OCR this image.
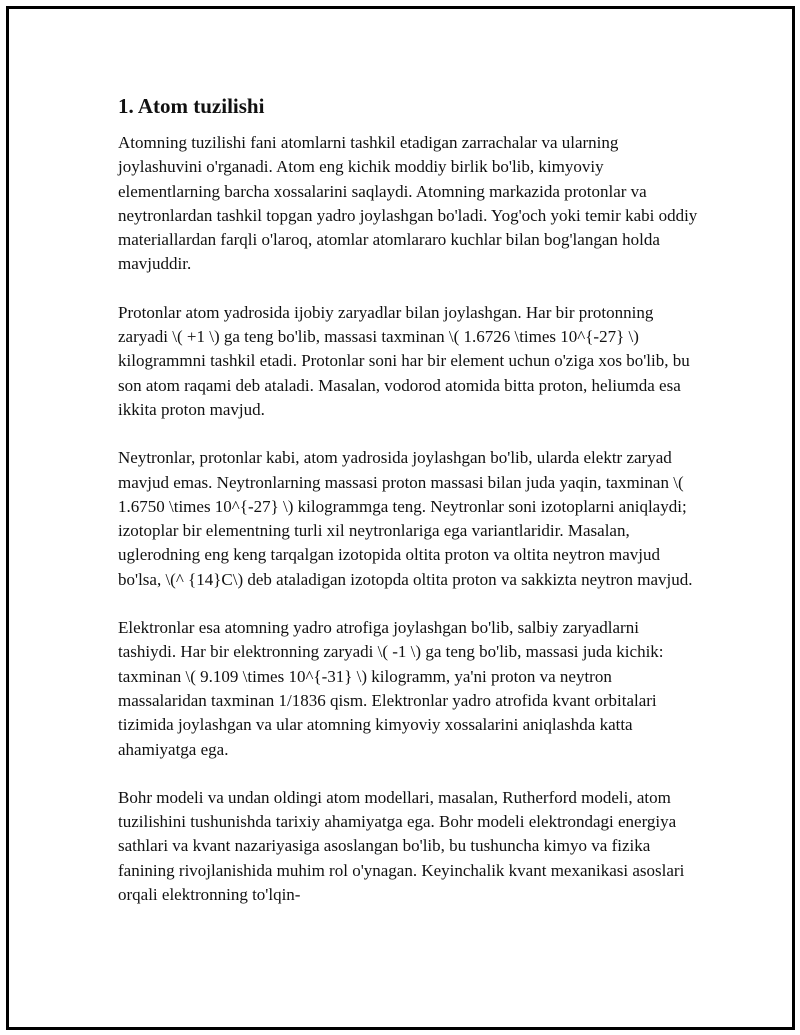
1. Atom tuzilishi

Atomning tuzilishi fani atomlarni tashkil etadigan zarrachalar va ularning joylashuvini o'rganadi. Atom eng kichik moddiy birlik bo'lib, kimyoviy elementlarning barcha xossalarini saqlaydi. Atomning markazida protonlar va neytronlardan tashkil topgan yadro joylashgan bo'ladi. Yog'och yoki temir kabi oddiy materiallardan farqli o'laroq, atomlar atomlararo kuchlar bilan bog'langan holda mavjuddir.

Protonlar atom yadrosida ijobiy zaryadlar bilan joylashgan. Har bir protonning zaryadi \( +1 \) ga teng bo'lib, massasi taxminan \( 1.6726 \times 10^{-27} \) kilogrammni tashkil etadi. Protonlar soni har bir element uchun o'ziga xos bo'lib, bu son atom raqami deb ataladi. Masalan, vodorod atomida bitta proton, heliumda esa ikkita proton mavjud.

Neytronlar, protonlar kabi, atom yadrosida joylashgan bo'lib, ularda elektr zaryad mavjud emas. Neytronlarning massasi proton massasi bilan juda yaqin, taxminan \( 1.6750 \times 10^{-27} \) kilogrammga teng. Neytronlar soni izotoplarni aniqlaydi; izotoplar bir elementning turli xil neytronlariga ega variantlaridir. Masalan, uglerodning eng keng tarqalgan izotopida oltita proton va oltita neytron mavjud bo'lsa, \(^ {14}C\) deb ataladigan izotopda oltita proton va sakkizta neytron mavjud.

Elektronlar esa atomning yadro atrofiga joylashgan bo'lib, salbiy zaryadlarni tashiydi. Har bir elektronning zaryadi \( -1 \) ga teng bo'lib, massasi juda kichik: taxminan \( 9.109 \times 10^{-31} \) kilogramm, ya'ni proton va neytron massalaridan taxminan 1/1836 qism. Elektronlar yadro atrofida kvant orbitalari tizimida joylashgan va ular atomning kimyoviy xossalarini aniqlashda katta ahamiyatga ega.

Bohr modeli va undan oldingi atom modellari, masalan, Rutherford modeli, atom tuzilishini tushunishda tarixiy ahamiyatga ega. Bohr modeli elektrondagi energiya sathlari va kvant nazariyasiga asoslangan bo'lib, bu tushuncha kimyo va fizika fanining rivojlanishida muhim rol o'ynagan. Keyinchalik kvant mexanikasi asoslari orqali elektronning to'lqin-
